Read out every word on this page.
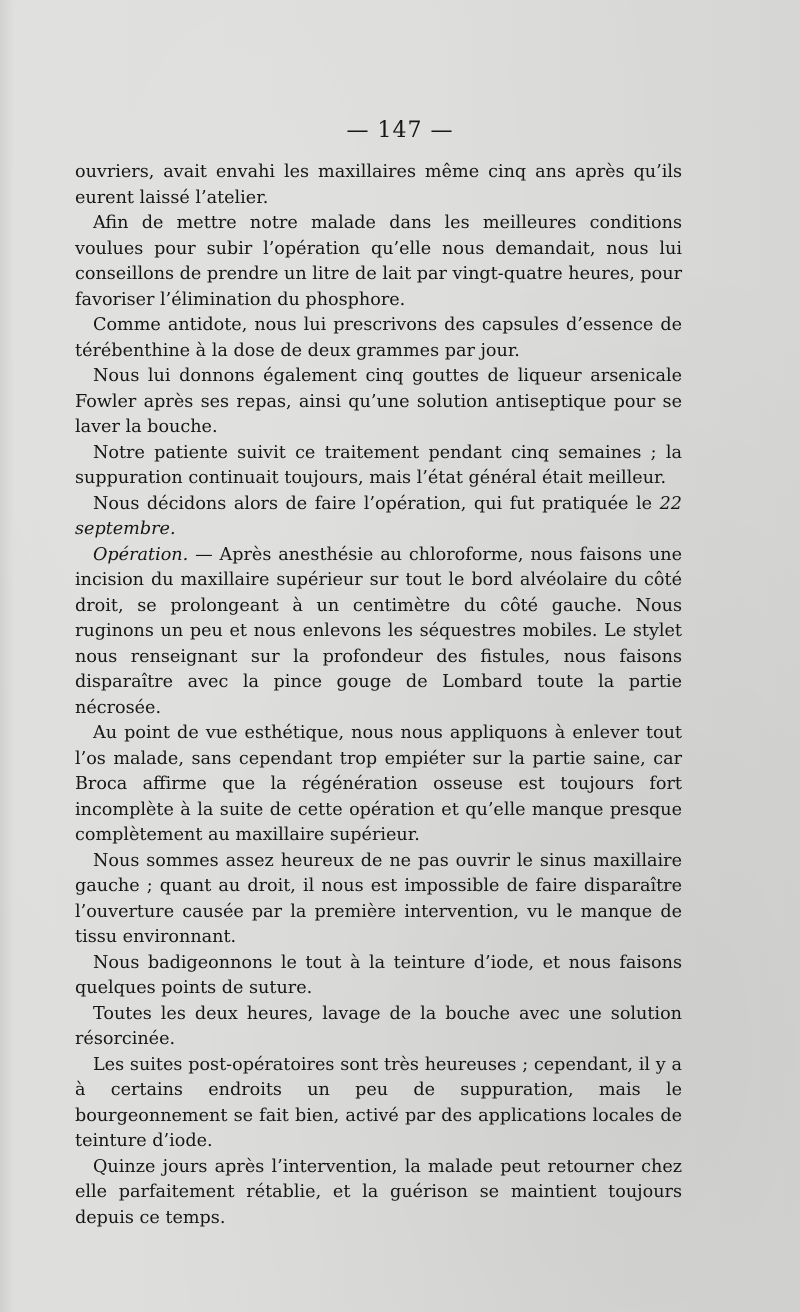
— 147 —

ouvriers, avait envahi les maxillaires même cinq ans après qu’ils eurent laissé l’atelier.

Afin de mettre notre malade dans les meilleures conditions voulues pour subir l’opération qu’elle nous demandait, nous lui conseillons de prendre un litre de lait par vingt-quatre heures, pour favoriser l’élimination du phosphore.

Comme antidote, nous lui prescrivons des capsules d’essence de térébenthine à la dose de deux grammes par jour.

Nous lui donnons également cinq gouttes de liqueur arsenicale Fowler après ses repas, ainsi qu’une solution antiseptique pour se laver la bouche.

Notre patiente suivit ce traitement pendant cinq semaines ; la suppuration continuait toujours, mais l’état général était meilleur.

Nous décidons alors de faire l’opération, qui fut pratiquée le 22 septembre.

Opération. — Après anesthésie au chloroforme, nous faisons une incision du maxillaire supérieur sur tout le bord alvéolaire du côté droit, se prolongeant à un centimètre du côté gauche. Nous ruginons un peu et nous enlevons les séquestres mobiles. Le stylet nous renseignant sur la profondeur des fistules, nous faisons disparaître avec la pince gouge de Lombard toute la partie nécrosée.

Au point de vue esthétique, nous nous appliquons à enlever tout l’os malade, sans cependant trop empiéter sur la partie saine, car Broca affirme que la régénération osseuse est toujours fort incomplète à la suite de cette opération et qu’elle manque presque complètement au maxillaire supérieur.

Nous sommes assez heureux de ne pas ouvrir le sinus maxillaire gauche ; quant au droit, il nous est impossible de faire disparaître l’ouverture causée par la première intervention, vu le manque de tissu environnant.

Nous badigeonnons le tout à la teinture d’iode, et nous faisons quelques points de suture.

Toutes les deux heures, lavage de la bouche avec une solution résorcinée.

Les suites post-opératoires sont très heureuses ; cependant, il y a à certains endroits un peu de suppuration, mais le bourgeonnement se fait bien, activé par des applications locales de teinture d’iode.

Quinze jours après l’intervention, la malade peut retourner chez elle parfaitement rétablie, et la guérison se maintient toujours depuis ce temps.
